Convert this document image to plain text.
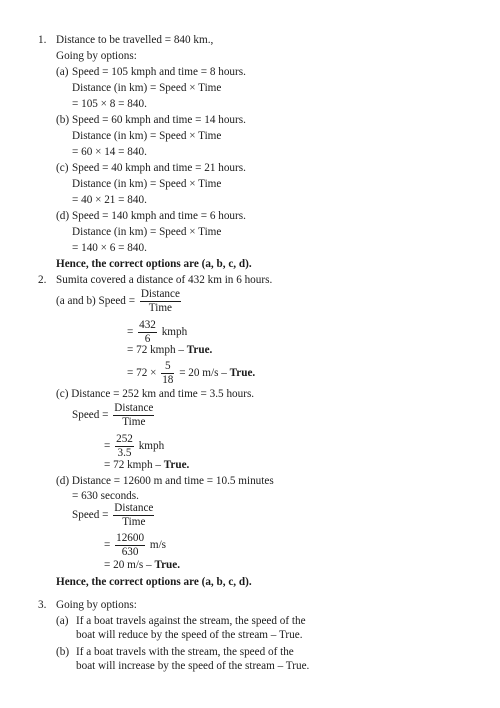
1. Distance to be travelled = 840 km.,
Going by options:
(a) Speed = 105 kmph and time = 8 hours.
Distance (in km) = Speed × Time
= 105 × 8 = 840.
(b) Speed = 60 kmph and time = 14 hours.
Distance (in km) = Speed × Time
= 60 × 14 = 840.
(c) Speed = 40 kmph and time = 21 hours.
Distance (in km) = Speed × Time
= 40 × 21 = 840.
(d) Speed = 140 kmph and time = 6 hours.
Distance (in km) = Speed × Time
= 140 × 6 = 840.
Hence, the correct options are (a, b, c, d).
2. Sumita covered a distance of 432 km in 6 hours.
(a and b) Speed = $\frac{\text{Distance}}{\text{Time}}$
= $\frac{432}{6}$ kmph
= 72 kmph – True.
= $72 \times \frac{5}{18} = 20$ m/s – True.
(c) Distance = 252 km and time = 3.5 hours.
Speed = $\frac{\text{Distance}}{\text{Time}}$
= $\frac{252}{3.5}$ kmph
= 72 kmph – True.
(d) Distance = 12600 m and time = 10.5 minutes
= 630 seconds.
Speed = $\frac{\text{Distance}}{\text{Time}}$
= $\frac{12600}{630} m/s$
= 20 m/s – True.
Hence, the correct options are (a, b, c, d).
3. Going by options:
(a) If a boat travels against the stream, the speed of the
boat will reduce by the speed of the stream – True.
(b) If a boat travels with the stream, the speed of the
boat will increase by the speed of the stream – True.
